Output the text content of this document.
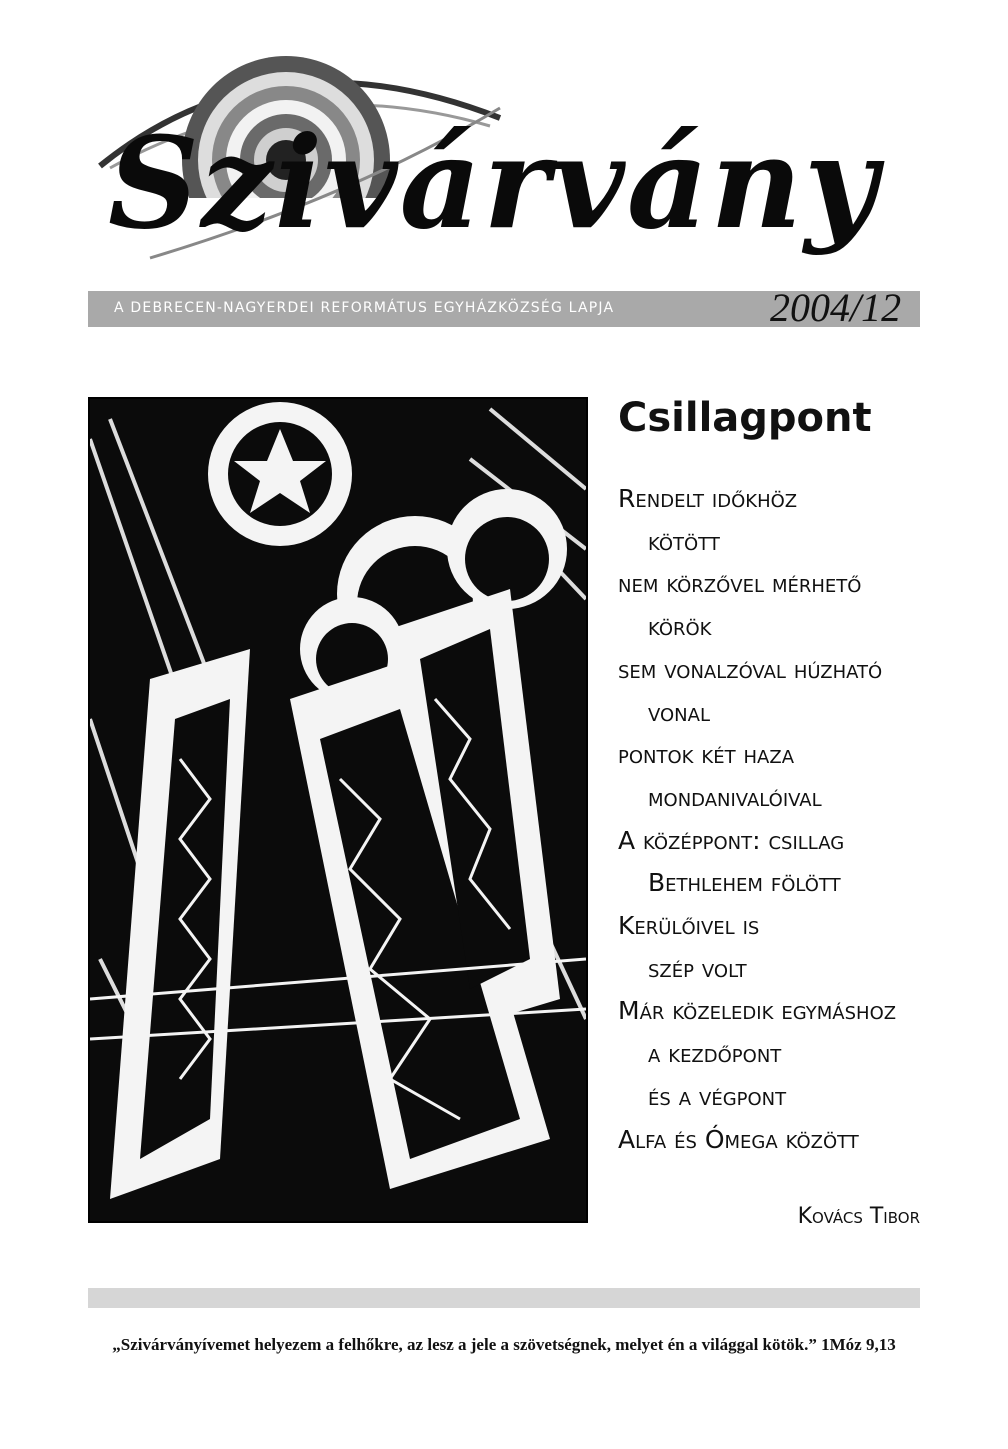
Szivárvány
A DEBRECEN-NAGYERDEI REFORMÁTUS EGYHÁZKÖZSÉG LAPJA	2004/12
Csillagpont
Rendelt időkhöz
kötött
nem körzővel mérhető
körök
sem vonalzóval húzható
vonal
pontok két haza
mondanivalóival
A középpont: csillag
Bethlehem fölött
Kerülőivel is
szép volt
Már közeledik egymáshoz
a kezdőpont
és a végpont
Alfa és Ómega között
Kovács Tibor
„Szivárványívemet helyezem a felhőkre, az lesz a jele a szövetségnek, melyet én a világgal kötök.” 1Móz 9,13
